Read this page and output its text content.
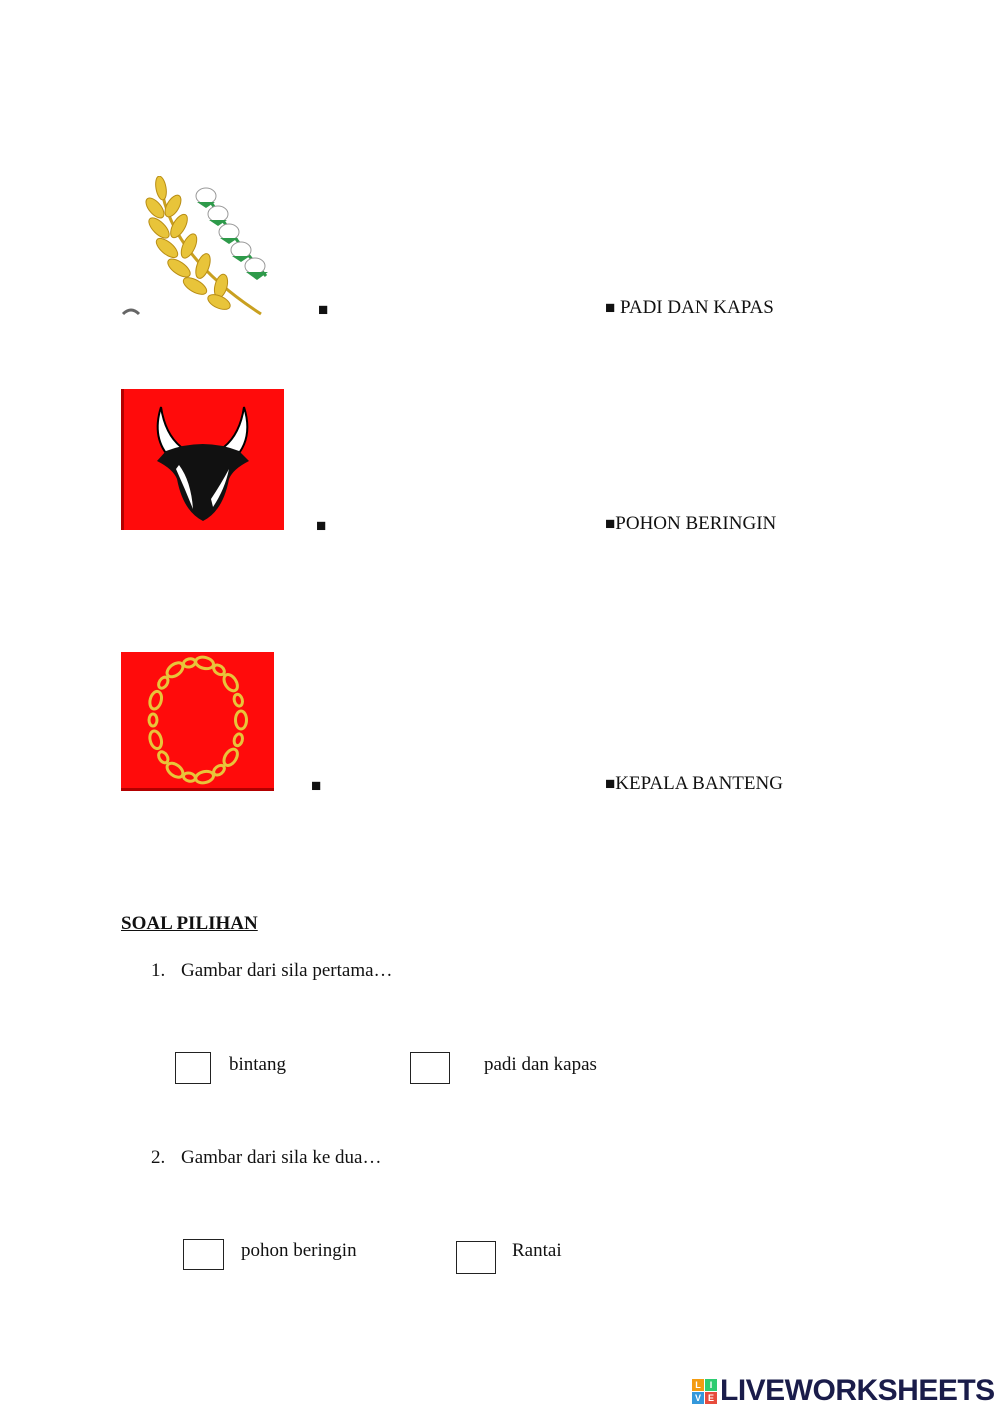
■
■
■
■ PADI DAN KAPAS
■POHON BERINGIN
■KEPALA BANTENG
SOAL PILIHAN
1. Gambar dari sila pertama…
bintang	padi dan kapas
2. Gambar dari sila ke dua…
pohon beringin	Rantai
L I
V E LIVEWORKSHEETS
